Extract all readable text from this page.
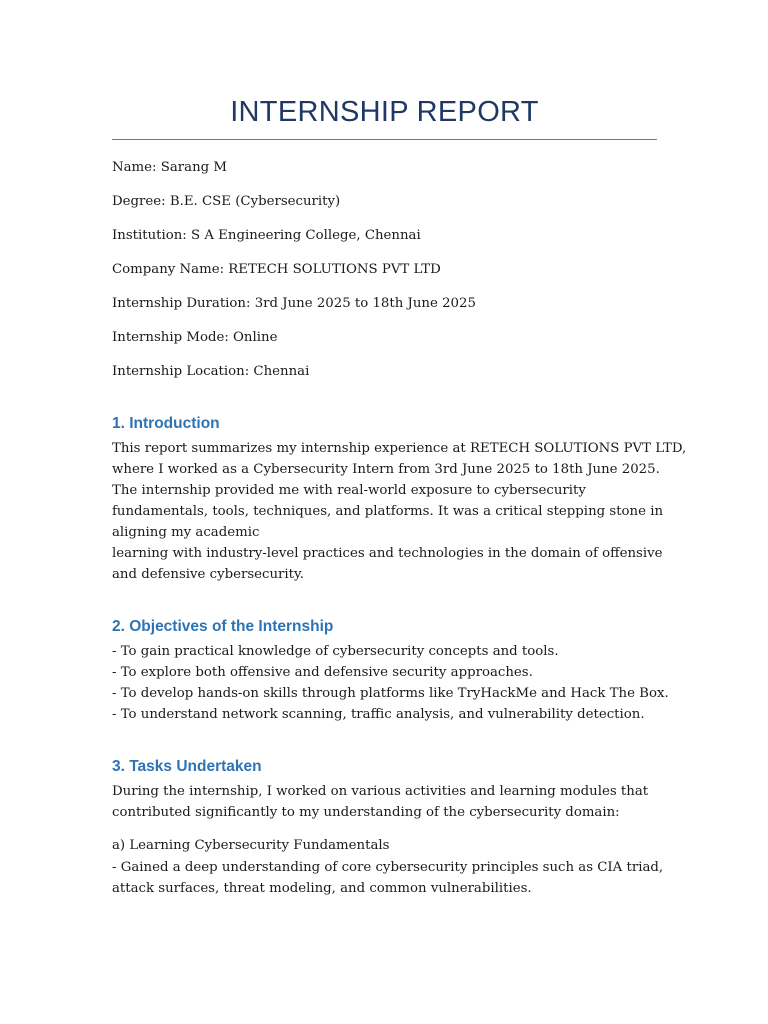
INTERNSHIP REPORT
Name: Sarang M
Degree: B.E. CSE (Cybersecurity)
Institution: S A Engineering College, Chennai
Company Name: RETECH SOLUTIONS PVT LTD
Internship Duration: 3rd June 2025 to 18th June 2025
Internship Mode: Online
Internship Location: Chennai
1. Introduction
This report summarizes my internship experience at RETECH SOLUTIONS PVT LTD,
where I worked as a Cybersecurity Intern from 3rd June 2025 to 18th June 2025.
The internship provided me with real-world exposure to cybersecurity
fundamentals, tools, techniques, and platforms. It was a critical stepping stone in
aligning my academic
learning with industry-level practices and technologies in the domain of offensive
and defensive cybersecurity.
2. Objectives of the Internship
- To gain practical knowledge of cybersecurity concepts and tools.
- To explore both offensive and defensive security approaches.
- To develop hands-on skills through platforms like TryHackMe and Hack The Box.
- To understand network scanning, traffic analysis, and vulnerability detection.
3. Tasks Undertaken
During the internship, I worked on various activities and learning modules that
contributed significantly to my understanding of the cybersecurity domain:
a) Learning Cybersecurity Fundamentals
- Gained a deep understanding of core cybersecurity principles such as CIA triad,
attack surfaces, threat modeling, and common vulnerabilities.
